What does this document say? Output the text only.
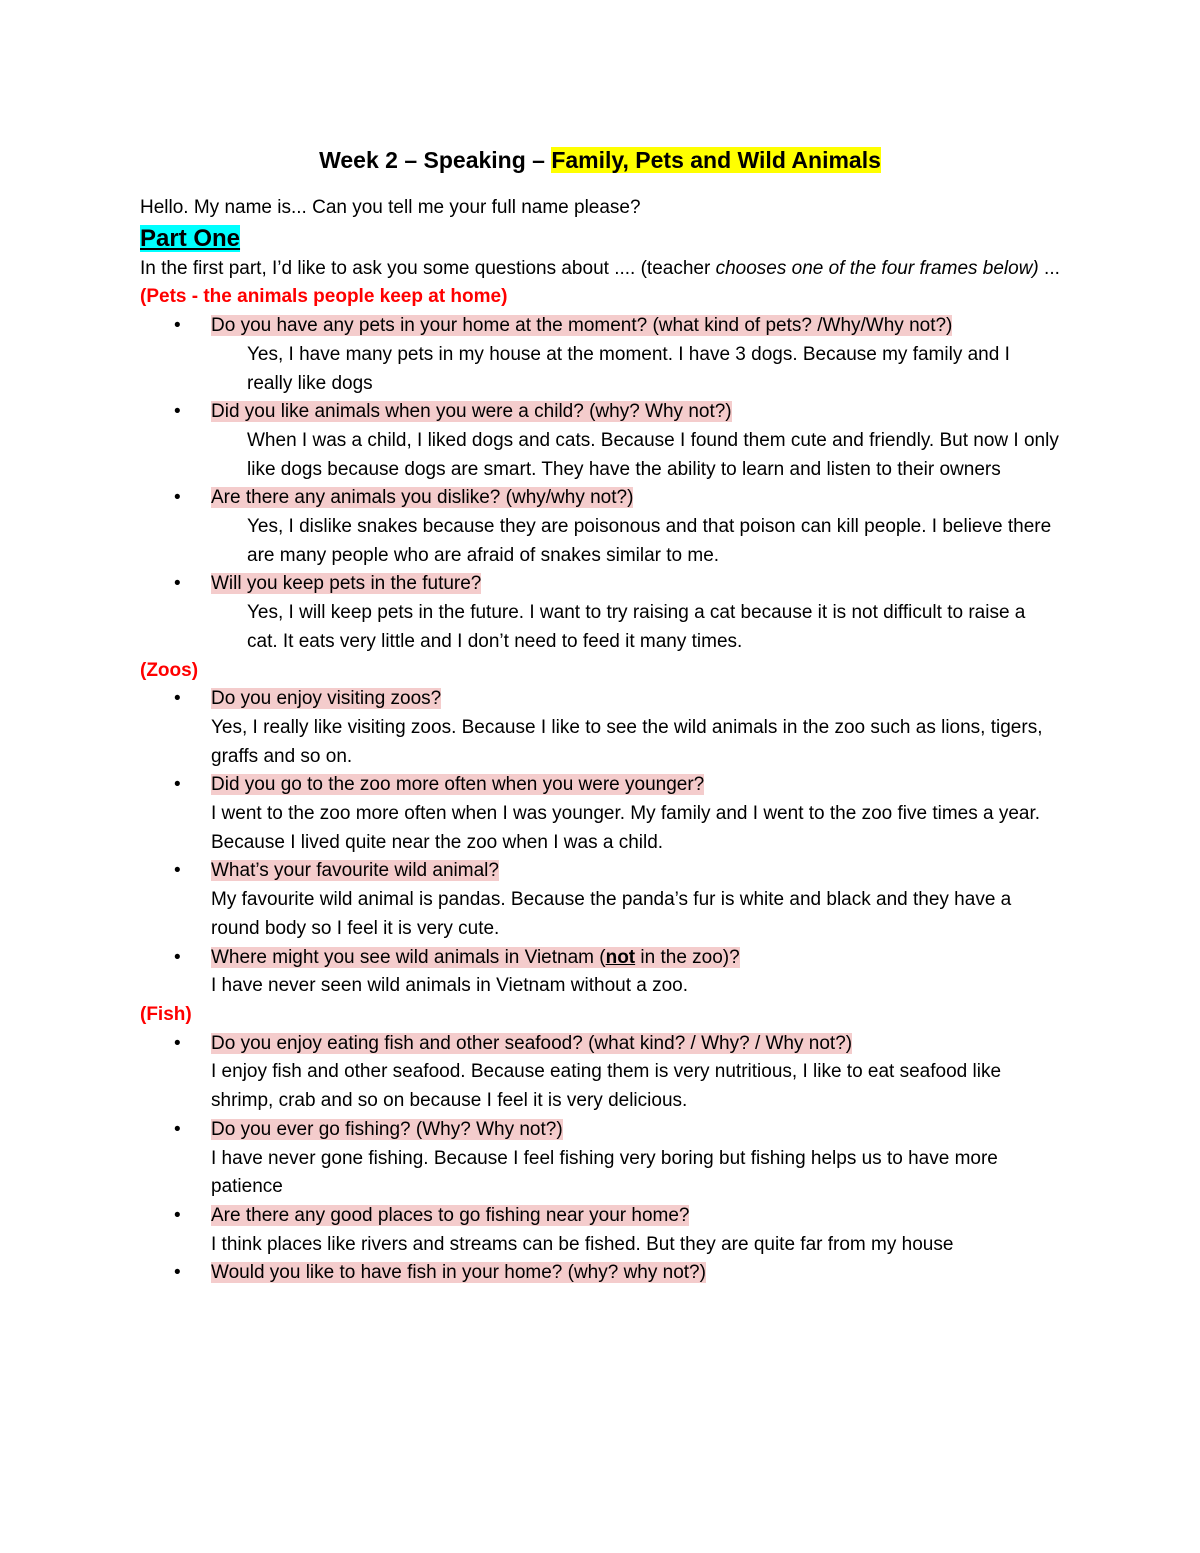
Week 2 – Speaking – Family, Pets and Wild Animals

Hello. My name is... Can you tell me your full name please?

Part One

In the first part, I’d like to ask you some questions about .... (teacher chooses one of the four frames below) ...

(Pets - the animals people keep at home)

• Do you have any pets in your home at the moment? (what kind of pets? /Why/Why not?)
Yes, I have many pets in my house at the moment. I have 3 dogs. Because my family and I really like dogs
• Did you like animals when you were a child? (why? Why not?)
When I was a child, I liked dogs and cats. Because I found them cute and friendly. But now I only like dogs because dogs are smart. They have the ability to learn and listen to their owners
• Are there any animals you dislike? (why/why not?)
Yes, I dislike snakes because they are poisonous and that poison can kill people. I believe there are many people who are afraid of snakes similar to me.
• Will you keep pets in the future?
Yes, I will keep pets in the future. I want to try raising a cat because it is not difficult to raise a cat. It eats very little and I don’t need to feed it many times.

(Zoos)

• Do you enjoy visiting zoos?
Yes, I really like visiting zoos. Because I like to see the wild animals in the zoo such as lions, tigers, graffs and so on.
• Did you go to the zoo more often when you were younger?
I went to the zoo more often when I was younger. My family and I went to the zoo five times a year. Because I lived quite near the zoo when I was a child.
• What’s your favourite wild animal?
My favourite wild animal is pandas. Because the panda’s fur is white and black and they have a round body so I feel it is very cute.
• Where might you see wild animals in Vietnam (not in the zoo)?
I have never seen wild animals in Vietnam without a zoo.

(Fish)

• Do you enjoy eating fish and other seafood? (what kind? / Why? / Why not?)
I enjoy fish and other seafood. Because eating them is very nutritious, I like to eat seafood like shrimp, crab and so on because I feel it is very delicious.
• Do you ever go fishing? (Why? Why not?)
I have never gone fishing. Because I feel fishing very boring but fishing helps us to have more patience
• Are there any good places to go fishing near your home?
I think places like rivers and streams can be fished. But they are quite far from my house
• Would you like to have fish in your home? (why? why not?)
